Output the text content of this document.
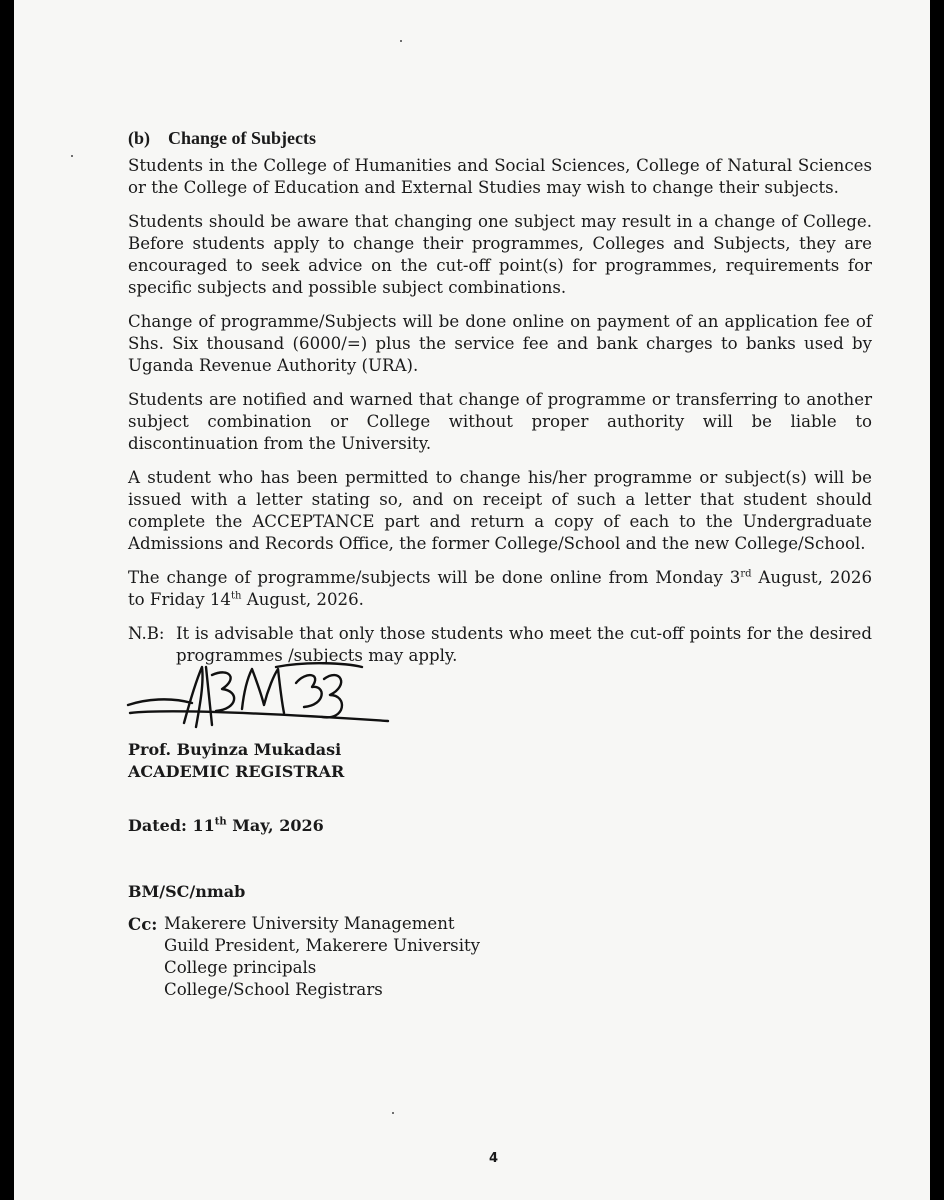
(b) Change of Subjects

Students in the College of Humanities and Social Sciences, College of Natural Sciences or the College of Education and External Studies may wish to change their subjects.

Students should be aware that changing one subject may result in a change of College. Before students apply to change their programmes, Colleges and Subjects, they are encouraged to seek advice on the cut-off point(s) for programmes, requirements for specific subjects and possible subject combinations.

Change of programme/Subjects will be done online on payment of an application fee of Shs. Six thousand (6000/=) plus the service fee and bank charges to banks used by Uganda Revenue Authority (URA).

Students are notified and warned that change of programme or transferring to another subject combination or College without proper authority will be liable to discontinuation from the University.

A student who has been permitted to change his/her programme or subject(s) will be issued with a letter stating so, and on receipt of such a letter that student should complete the ACCEPTANCE part and return a copy of each to the Undergraduate Admissions and Records Office, the former College/School and the new College/School.

The change of programme/subjects will be done online from Monday 3rd August, 2026 to Friday 14th August, 2026.

N.B: It is advisable that only those students who meet the cut-off points for the desired programmes /subjects may apply.
Prof. Buyinza Mukadasi
ACADEMIC REGISTRAR
Dated: 11th May, 2026
BM/SC/nmab
Cc: Makerere University Management
Guild President, Makerere University
College principals
College/School Registrars
4
